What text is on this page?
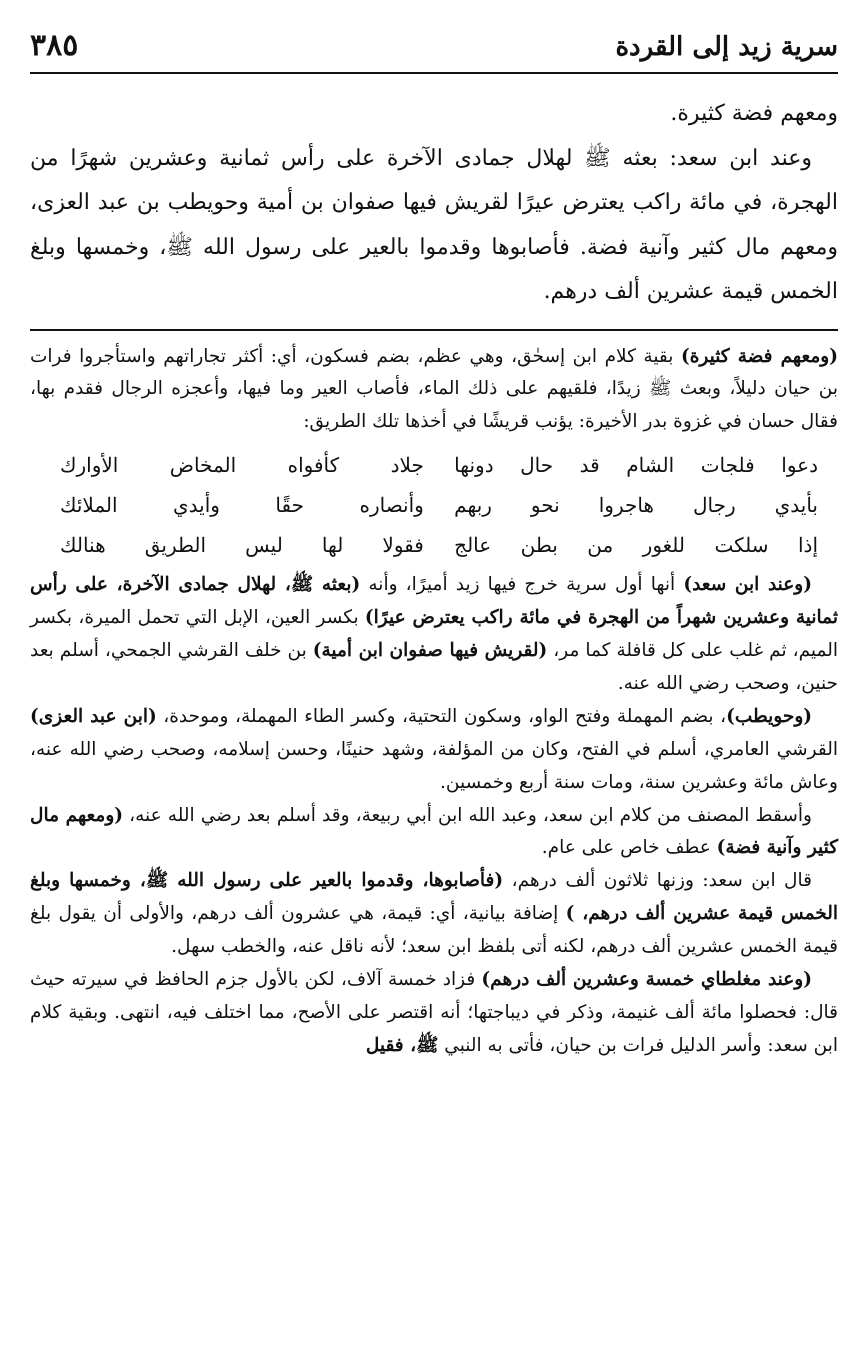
سرية زيد إلى القردة
٣٨٥

ومعهم فضة كثيرة.

وعند ابن سعد: بعثه ﷺ لهلال جمادى الآخرة على رأس ثمانية وعشرين شهرًا من الهجرة، في مائة راكب يعترض عيرًا لقريش فيها صفوان بن أمية وحويطب بن عبد العزى، ومعهم مال كثير وآنية فضة. فأصابوها وقدموا بالعير على رسول الله ﷺ، وخمسها وبلغ الخمس قيمة عشرين ألف درهم.

(ومعهم فضة كثيرة) بقية كلام ابن إسحٰق، وهي عظم، بضم فسكون، أي: أكثر تجاراتهم واستأجروا فرات بن حيان دليلاً، وبعث ﷺ زيدًا، فلقيهم على ذلك الماء، فأصاب العير وما فيها، وأعجزه الرجال فقدم بها، فقال حسان في غزوة بدر الأخيرة: يؤنب قريشًا في أخذها تلك الطريق:

دعوا فلجات الشام قد حال دونها
جلاد كأفواه المخاض الأوارك
بأيدي رجال هاجروا نحو ربهم
وأنصاره حقًا وأيدي الملائك
إذا سلكت للغور من بطن عالج
فقولا لها ليس الطريق هنالك

(وعند ابن سعد) أنها أول سرية خرج فيها زيد أميرًا، وأنه (بعثه ﷺ، لهلال جمادى الآخرة، على رأس ثمانية وعشرين شهراً من الهجرة في مائة راكب يعترض عيرًا) بكسر العين، الإبل التي تحمل الميرة، بكسر الميم، ثم غلب على كل قافلة كما مر، (لقريش فيها صفوان ابن أمية) بن خلف القرشي الجمحي، أسلم بعد حنين، وصحب رضي الله عنه.

(وحويطب)، بضم المهملة وفتح الواو، وسكون التحتية، وكسر الطاء المهملة، وموحدة، (ابن عبد العزى) القرشي العامري، أسلم في الفتح، وكان من المؤلفة، وشهد حنينًا، وحسن إسلامه، وصحب رضي الله عنه، وعاش مائة وعشرين سنة، ومات سنة أربع وخمسين.

وأسقط المصنف من كلام ابن سعد، وعبد الله ابن أبي ربيعة، وقد أسلم بعد رضي الله عنه، (ومعهم مال كثير وآنية فضة) عطف خاص على عام.

قال ابن سعد: وزنها ثلاثون ألف درهم، (فأصابوها، وقدموا بالعير على رسول الله ﷺ، وخمسها وبلغ الخمس قيمة عشرين ألف درهم، ) إضافة بيانية، أي: قيمة، هي عشرون ألف درهم، والأولى أن يقول بلغ قيمة الخمس عشرين ألف درهم، لكنه أتى بلفظ ابن سعد؛ لأنه ناقل عنه، والخطب سهل.

(وعند مغلطاي خمسة وعشرين ألف درهم) فزاد خمسة آلاف، لكن بالأول جزم الحافظ في سيرته حيث قال: فحصلوا مائة ألف غنيمة، وذكر في ديباجتها؛ أنه اقتصر على الأصح، مما اختلف فيه، انتهى. وبقية كلام ابن سعد: وأسر الدليل فرات بن حيان، فأتى به النبي ﷺ، فقيل
